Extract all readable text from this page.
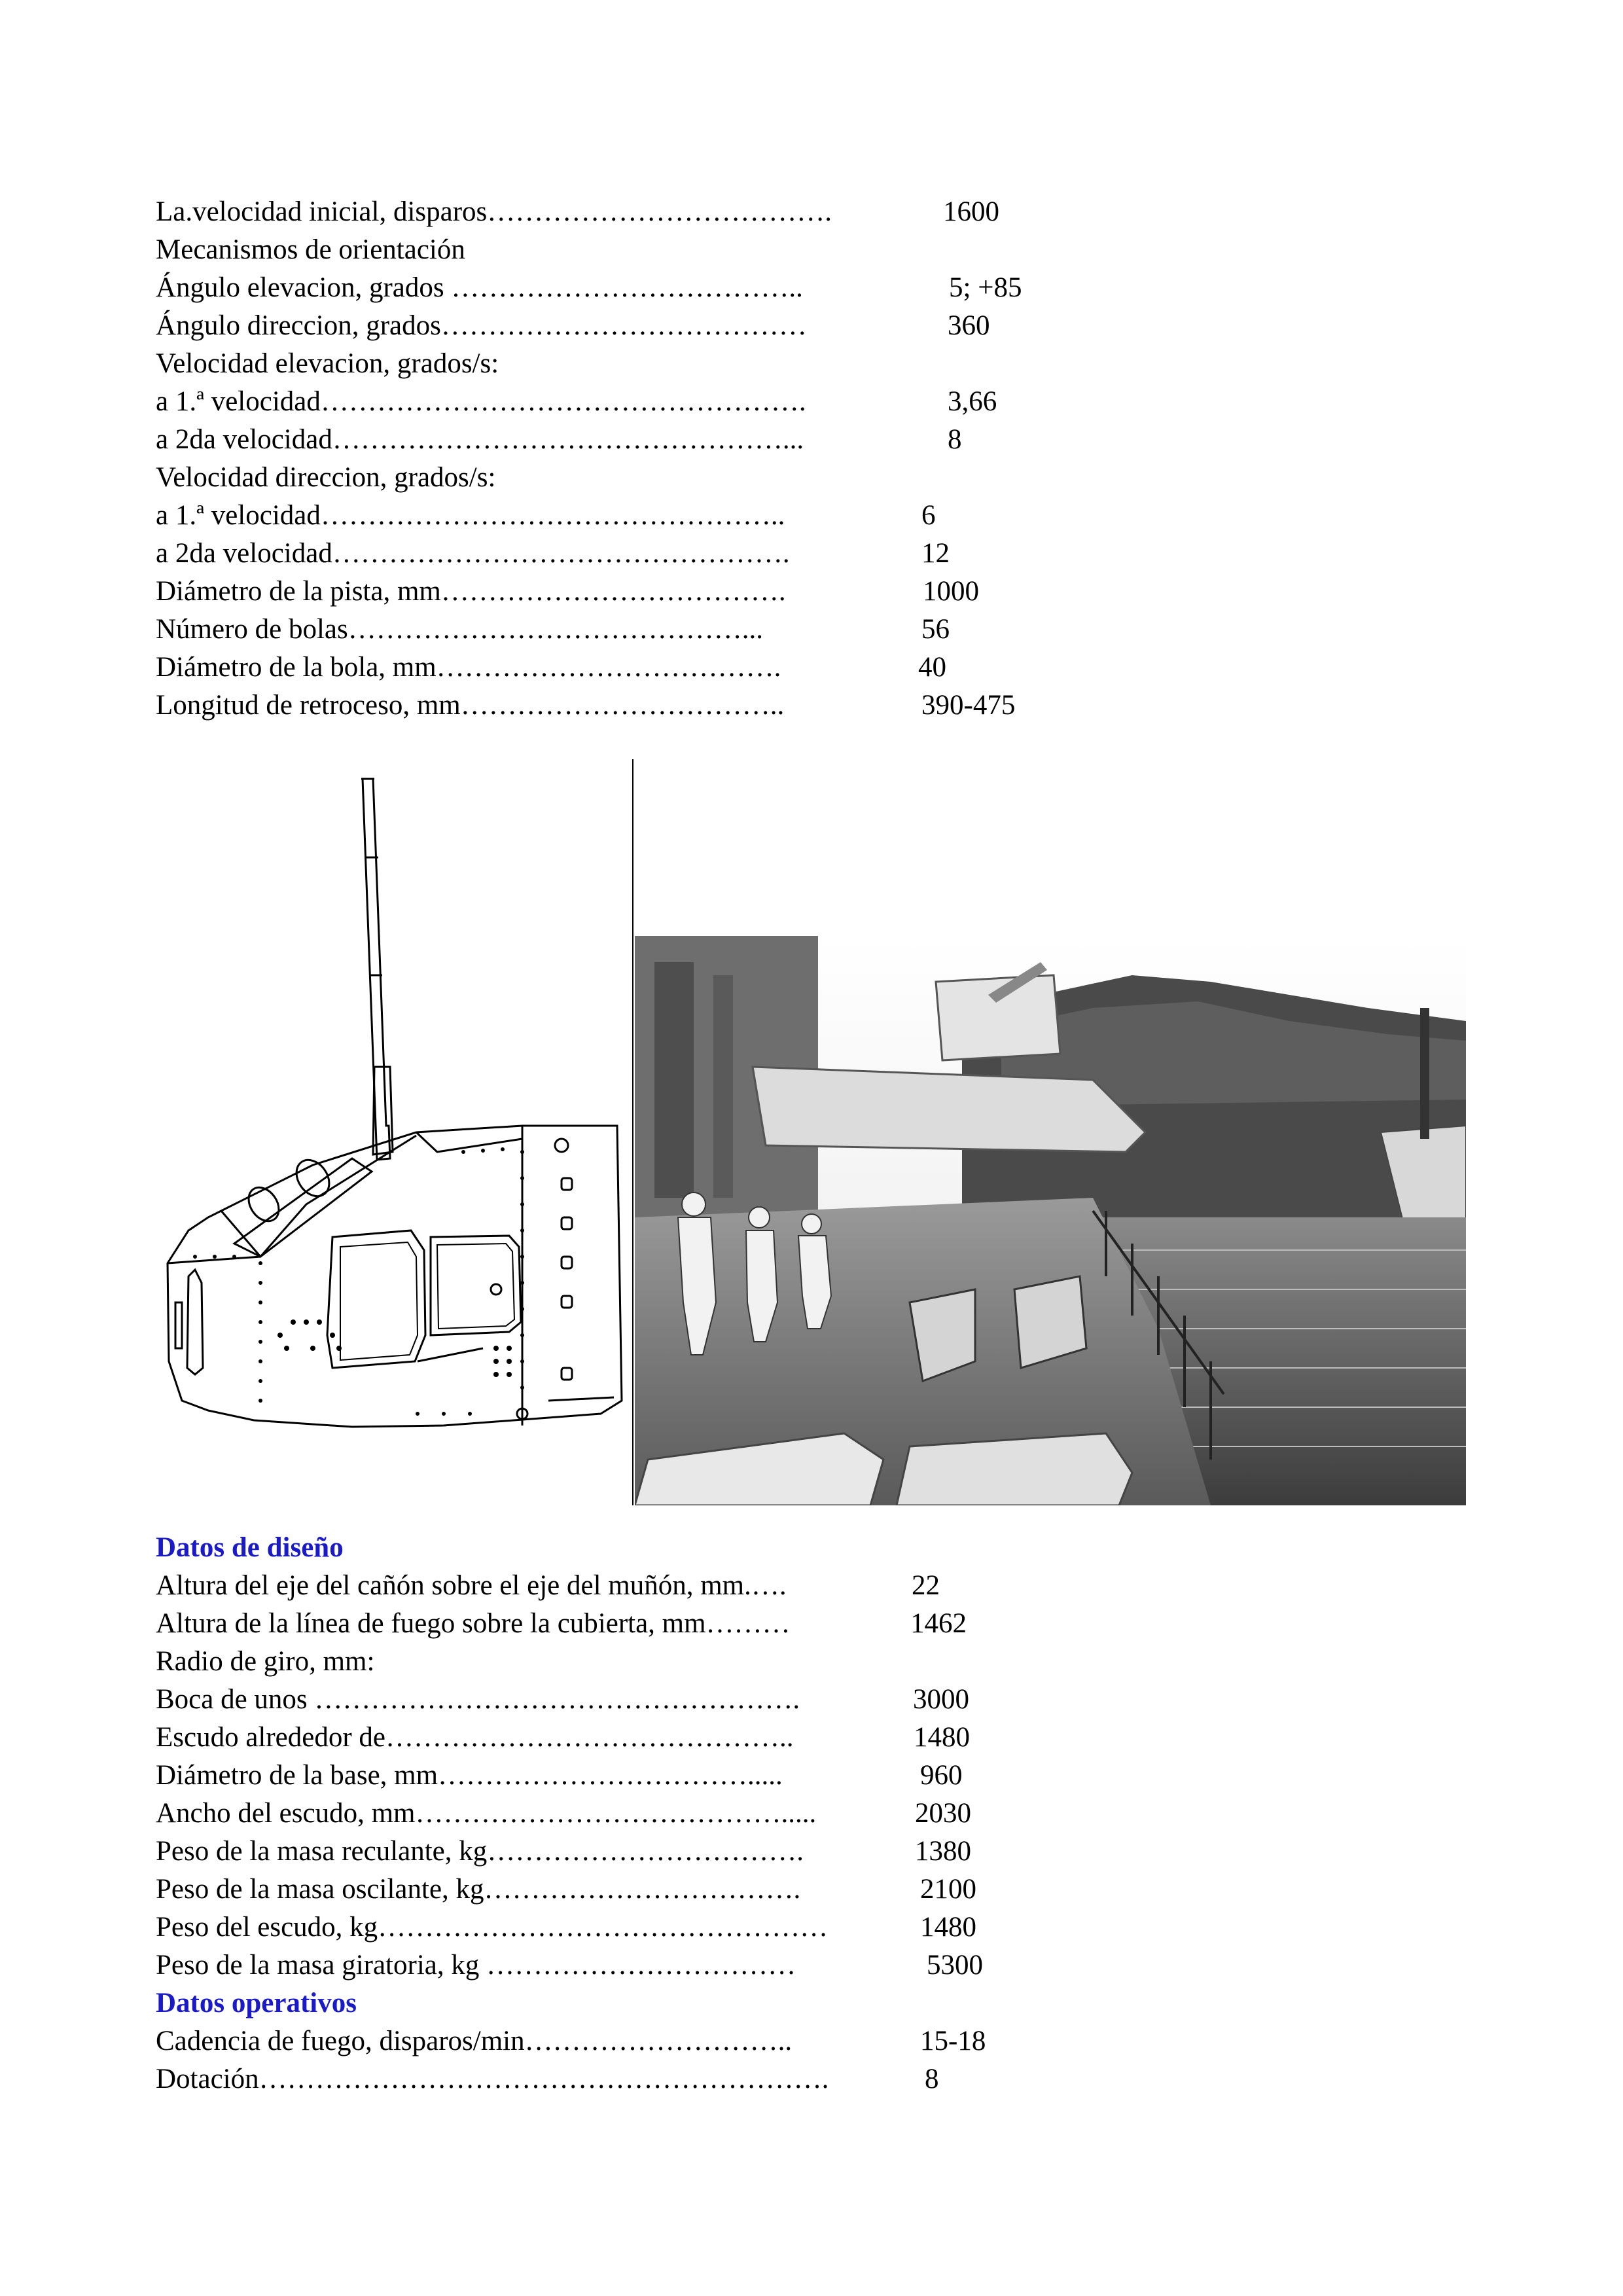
La.velocidad inicial, disparos……………………………….	1600
Mecanismos de orientación
Ángulo elevacion, grados ………………………………..	5; +85
Ángulo direccion, grados…………………………………	360
Velocidad elevacion, grados/s:
a 1.ª velocidad…………………………………………….	3,66
a 2da velocidad…………………………………………...	8
Velocidad direccion, grados/s:
a 1.ª velocidad…………………………………………..	6
a 2da velocidad………………………………………….	12
Diámetro de la pista, mm……………………………….	1000
Número de bolas……………………………………...	56
Diámetro de la bola, mm……………………………….	40
Longitud de retroceso, mm……………………………..	390-475
Datos de diseño
Altura del eje del cañón sobre el eje del muñón, mm.….	22
Altura de la línea de fuego sobre la cubierta, mm………	1462
Radio de giro, mm:
Boca de unos …………………………………………….	3000
Escudo alrededor de……………………………………..	1480
Diámetro de la base, mm…………………………….....	960
Ancho del escudo, mm………………………………….....	2030
Peso de la masa reculante, kg…………………………….	1380
Peso de la masa oscilante, kg…………………………….	2100
Peso del escudo, kg…………………………………………	1480
Peso de la masa giratoria, kg ……………………………	5300
Datos operativos
Cadencia de fuego, disparos/min………………………..	15-18
Dotación…………………………………………………….	8
